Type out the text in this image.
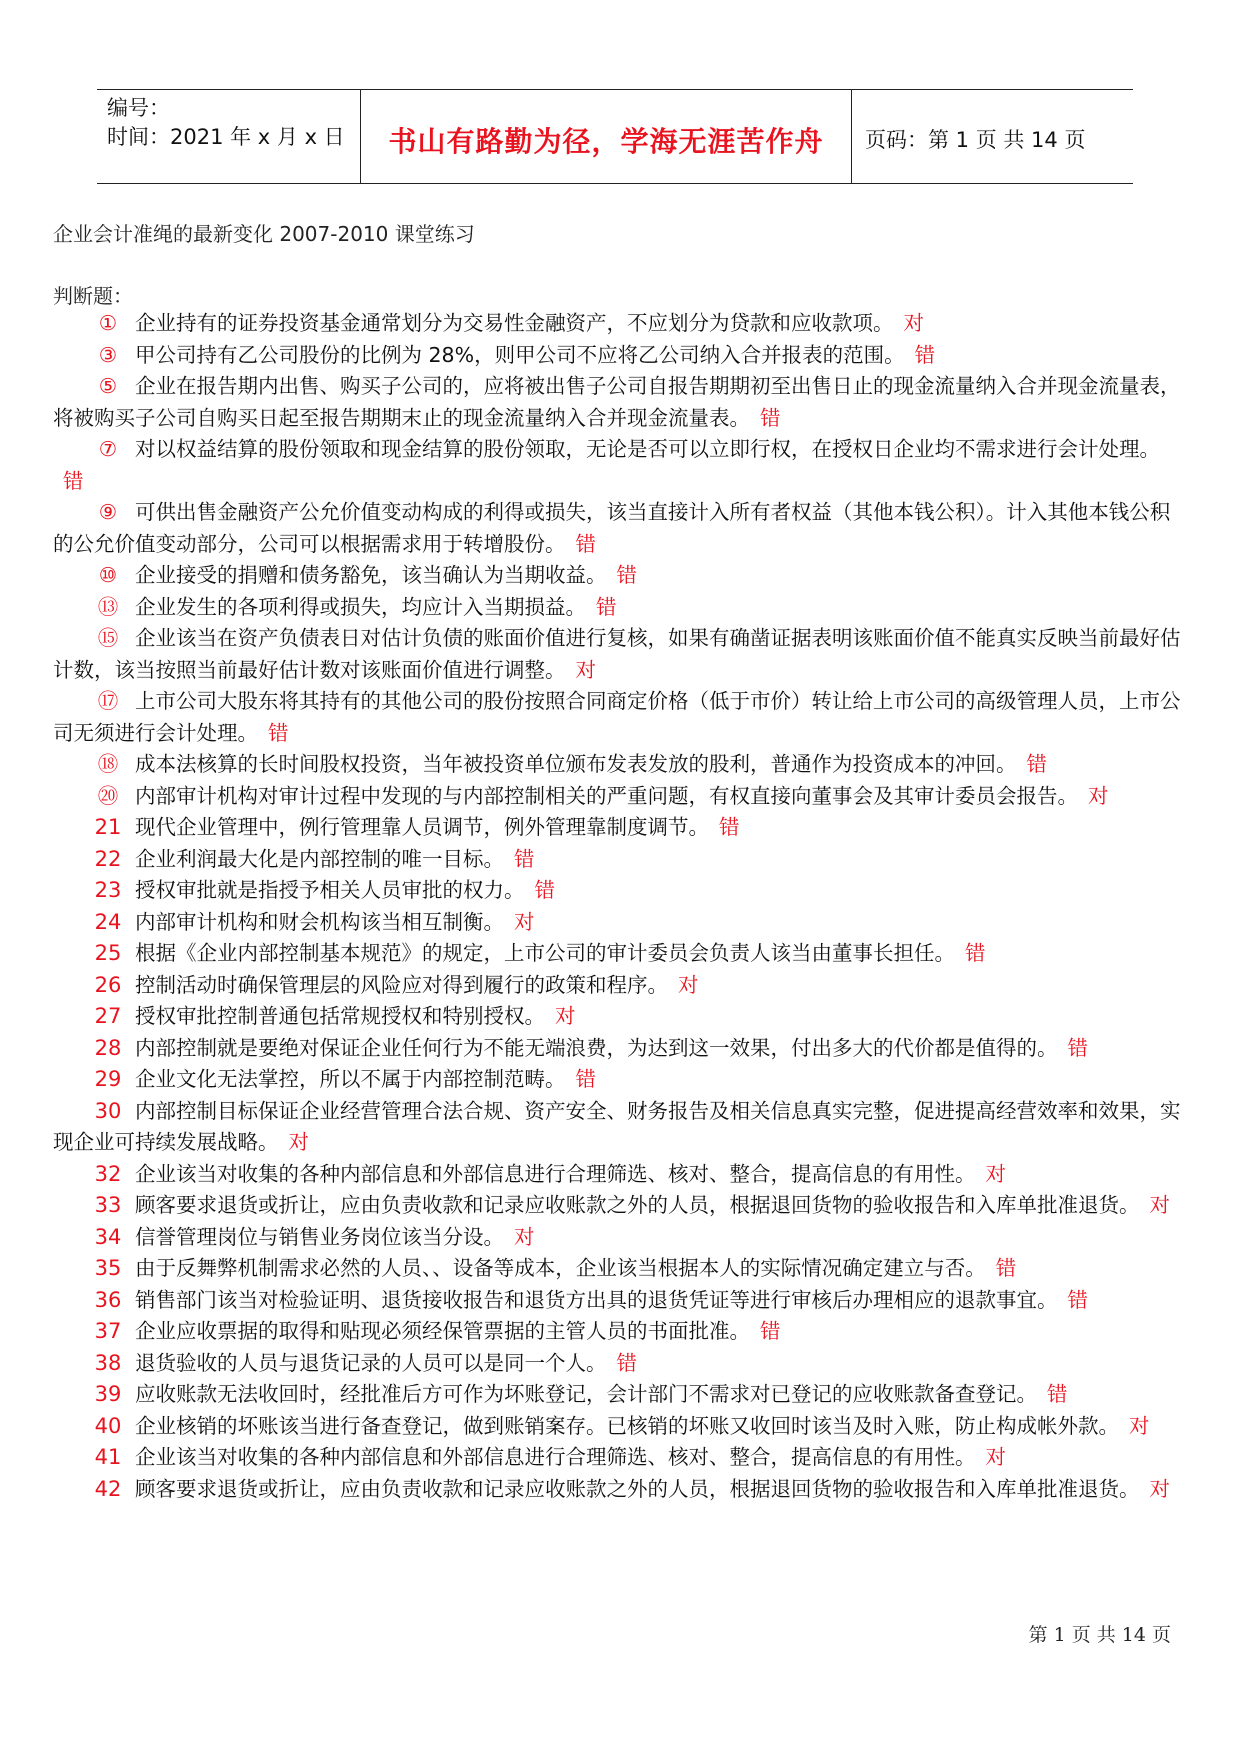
编号：
时间：2021 年 x 月 x 日	书山有路勤为径，学海无涯苦作舟	页码：第 1 页 共 14 页
企业会计准绳的最新变化 2007-2010 课堂练习
判断题：
① 企业持有的证券投资基金通常划分为交易性金融资产，不应划分为贷款和应收款项。 对
③ 甲公司持有乙公司股份的比例为 28%，则甲公司不应将乙公司纳入合并报表的范围。 错
⑤ 企业在报告期内出售、购买子公司的，应将被出售子公司自报告期期初至出售日止的现金流量纳入合并现金流量表，将被购买子公司自购买日起至报告期期末止的现金流量纳入合并现金流量表。 错
⑦ 对以权益结算的股份领取和现金结算的股份领取，无论是否可以立即行权，在授权日企业均不需求进行会计处理。错
⑨ 可供出售金融资产公允价值变动构成的利得或损失，该当直接计入所有者权益（其他本钱公积）。计入其他本钱公积的公允价值变动部分，公司可以根据需求用于转增股份。 错
⑩ 企业接受的捐赠和债务豁免，该当确认为当期收益。 错
⑬ 企业发生的各项利得或损失，均应计入当期损益。 错
⑮ 企业该当在资产负债表日对估计负债的账面价值进行复核，如果有确凿证据表明该账面价值不能真实反映当前最好估计数，该当按照当前最好估计数对该账面价值进行调整。 对
⑰ 上市公司大股东将其持有的其他公司的股份按照合同商定价格（低于市价）转让给上市公司的高级管理人员，上市公司无须进行会计处理。 错
⑱ 成本法核算的长时间股权投资，当年被投资单位颁布发表发放的股利，普通作为投资成本的冲回。 错
⑳ 内部审计机构对审计过程中发现的与内部控制相关的严重问题，有权直接向董事会及其审计委员会报告。 对
21 现代企业管理中，例行管理靠人员调节，例外管理靠制度调节。 错
22 企业利润最大化是内部控制的唯一目标。 错
23 授权审批就是指授予相关人员审批的权力。 错
24 内部审计机构和财会机构该当相互制衡。 对
25 根据《企业内部控制基本规范》的规定，上市公司的审计委员会负责人该当由董事长担任。 错
26 控制活动时确保管理层的风险应对得到履行的政策和程序。 对
27 授权审批控制普通包括常规授权和特别授权。 对
28 内部控制就是要绝对保证企业任何行为不能无端浪费，为达到这一效果，付出多大的代价都是值得的。 错
29 企业文化无法掌控，所以不属于内部控制范畴。 错
30 内部控制目标保证企业经营管理合法合规、资产安全、财务报告及相关信息真实完整，促进提高经营效率和效果，实现企业可持续发展战略。 对
32 企业该当对收集的各种内部信息和外部信息进行合理筛选、核对、整合，提高信息的有用性。 对
33 顾客要求退货或折让，应由负责收款和记录应收账款之外的人员，根据退回货物的验收报告和入库单批准退货。 对
34 信誉管理岗位与销售业务岗位该当分设。 对
35 由于反舞弊机制需求必然的人员、、设备等成本，企业该当根据本人的实际情况确定建立与否。 错
36 销售部门该当对检验证明、退货接收报告和退货方出具的退货凭证等进行审核后办理相应的退款事宜。 错
37 企业应收票据的取得和贴现必须经保管票据的主管人员的书面批准。 错
38 退货验收的人员与退货记录的人员可以是同一个人。 错
39 应收账款无法收回时，经批准后方可作为坏账登记，会计部门不需求对已登记的应收账款备查登记。 错
40 企业核销的坏账该当进行备查登记，做到账销案存。已核销的坏账又收回时该当及时入账，防止构成帐外款。 对
41 企业该当对收集的各种内部信息和外部信息进行合理筛选、核对、整合，提高信息的有用性。 对
42 顾客要求退货或折让，应由负责收款和记录应收账款之外的人员，根据退回货物的验收报告和入库单批准退货。 对
第 1 页 共 14 页
